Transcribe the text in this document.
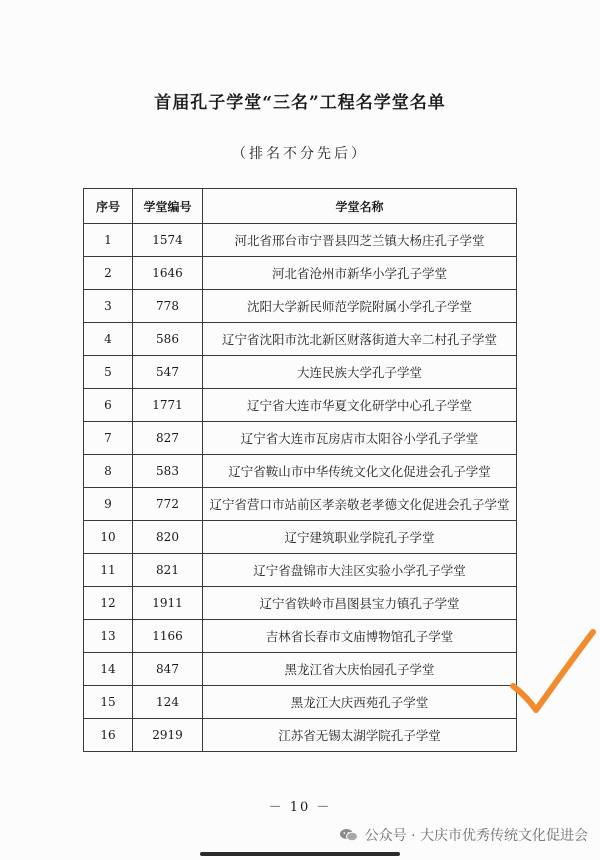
首届孔子学堂“三名”工程名学堂名单
（排名不分先后）
序号	学堂编号	学堂名称
1	1574	河北省邢台市宁晋县四芝兰镇大杨庄孔子学堂
2	1646	河北省沧州市新华小学孔子学堂
3	778	沈阳大学新民师范学院附属小学孔子学堂
4	586	辽宁省沈阳市沈北新区财落街道大辛二村孔子学堂
5	547	大连民族大学孔子学堂
6	1771	辽宁省大连市华夏文化研学中心孔子学堂
7	827	辽宁省大连市瓦房店市太阳谷小学孔子学堂
8	583	辽宁省鞍山市中华传统文化文化促进会孔子学堂
9	772	辽宁省营口市站前区孝亲敬老孝德文化促进会孔子学堂
10	820	辽宁建筑职业学院孔子学堂
11	821	辽宁省盘锦市大洼区实验小学孔子学堂
12	1911	辽宁省铁岭市昌图县宝力镇孔子学堂
13	1166	吉林省长春市文庙博物馆孔子学堂
14	847	黑龙江省大庆怡园孔子学堂
15	124	黑龙江大庆西苑孔子学堂
16	2919	江苏省无锡太湖学院孔子学堂
－ 10 －
公众号 · 大庆市优秀传统文化促进会
